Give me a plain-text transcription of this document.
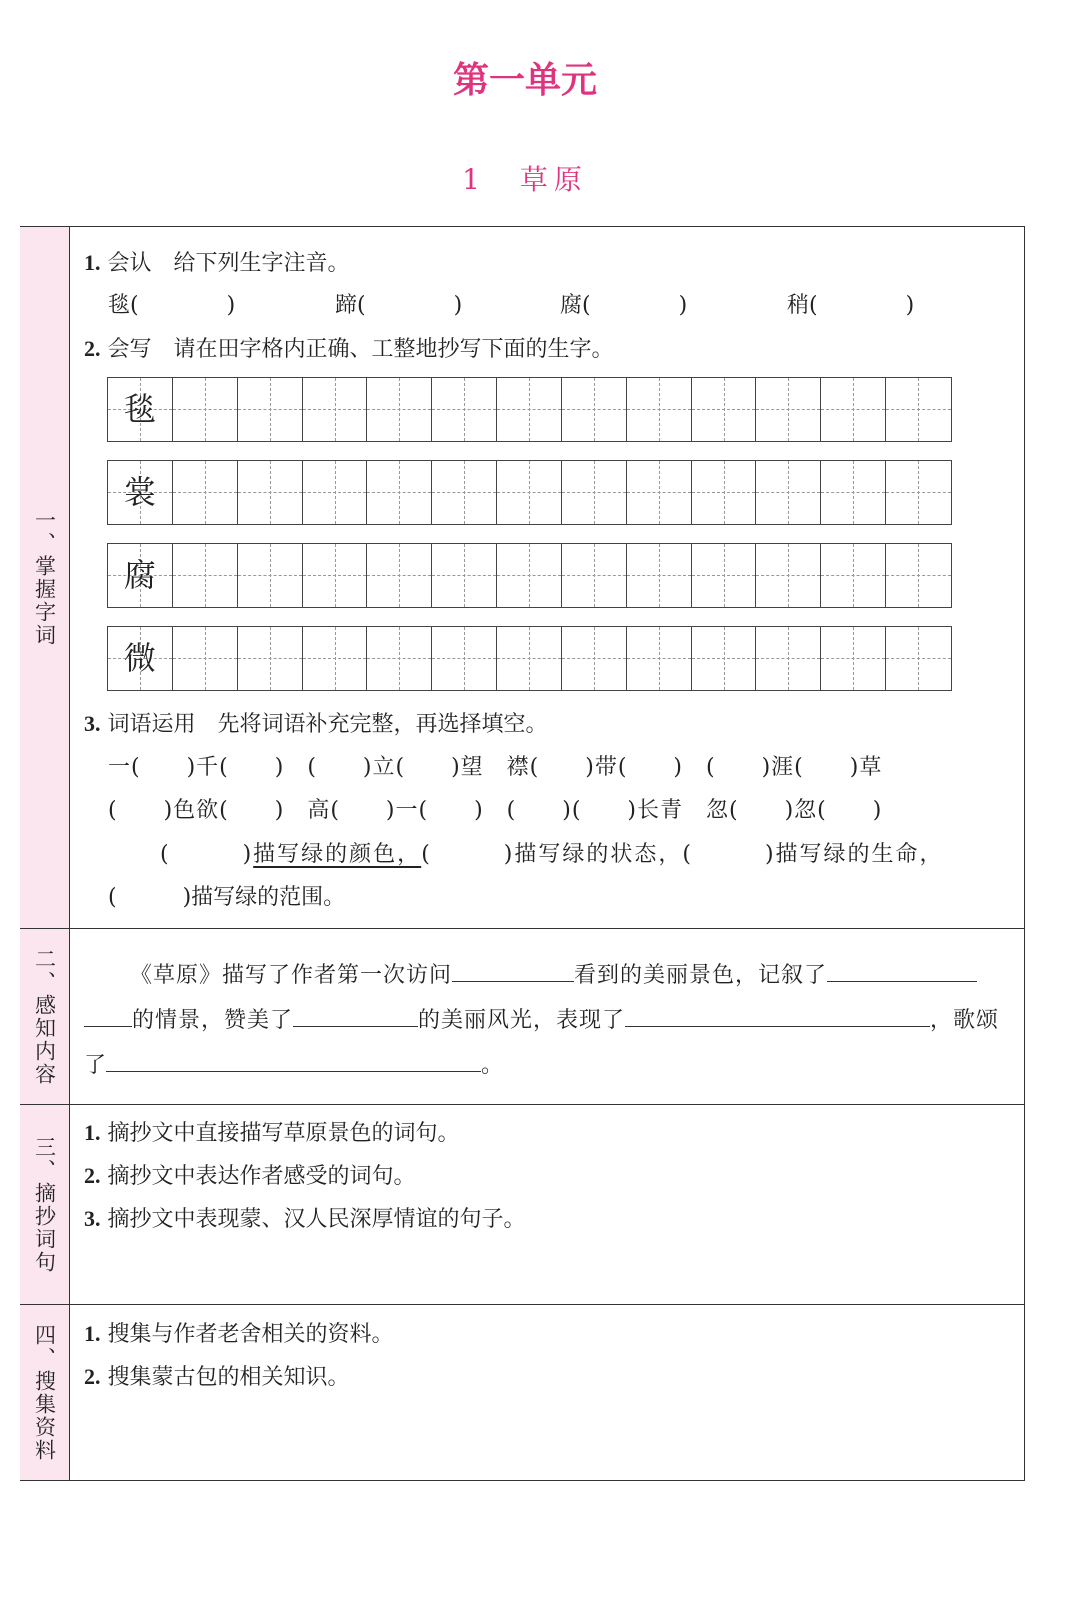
第一单元
1　草原
一、掌握字词
二、感知内容
三、摘抄词句
四、搜集资料
1. 会认　 给下列生字注音。
毯(　　　　)	蹄(　　　　)	腐(　　　　)	稍(　　　　)
2. 会写　 请在田字格内正确、工整地抄写下面的生字。
毯
裳
腐
微
3. 词语运用　 先将词语补充完整，再选择填空。
一(　　)千(　　)　(　　)立(　　)望　襟(　　)带(　　)　(　　)涯(　　)草
(　　)色欲(　　)　高(　　)一(　　)　(　　)(　　)长青　忽(　　)忽(　　)
(　　　)描写绿的颜色，(　　　)描写绿的状态，(　　　)描写绿的生命，
(　　　)描写绿的范围。
《草原》描写了作者第一次访问	看到的美丽景色，记叙了
的情景，赞美了	的美丽风光，表现了	，歌颂
了	。
1. 摘抄文中直接描写草原景色的词句。
2. 摘抄文中表达作者感受的词句。
3. 摘抄文中表现蒙、汉人民深厚情谊的句子。
1. 搜集与作者老舍相关的资料。
2. 搜集蒙古包的相关知识。
